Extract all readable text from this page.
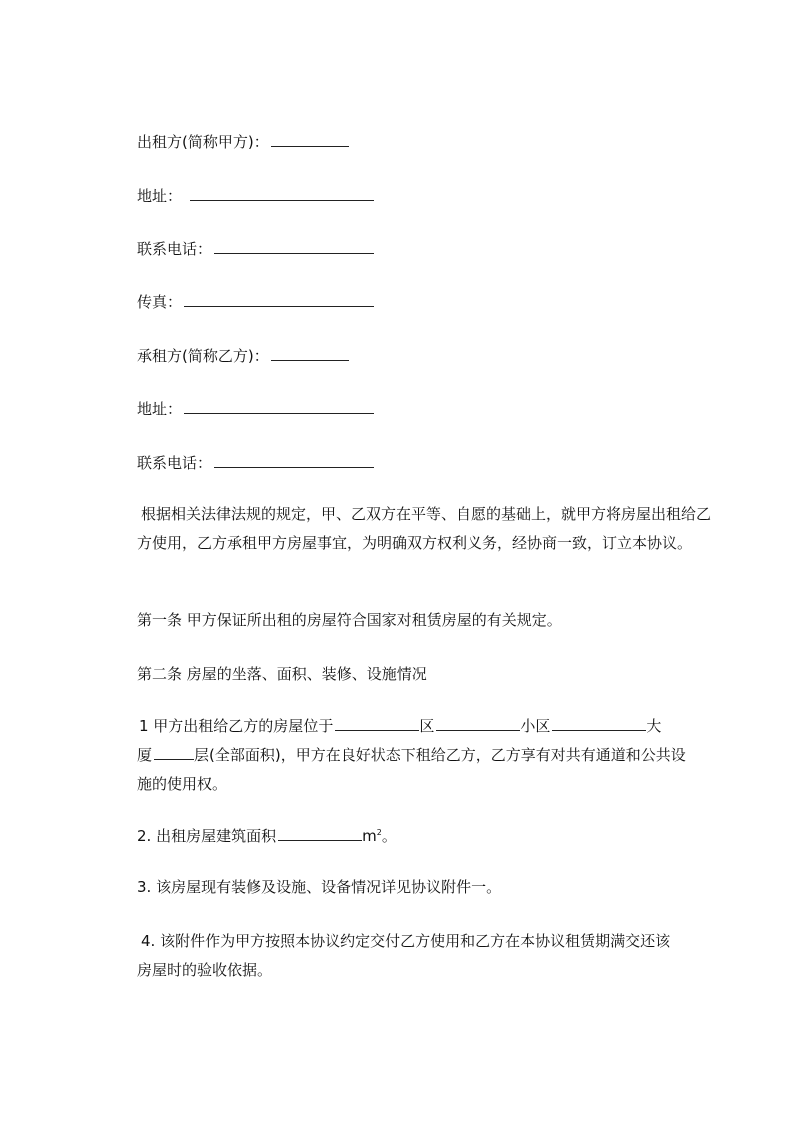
出租方(简称甲方)：
地址：
联系电话：
传真：
承租方(简称乙方)：
地址：
联系电话：
根据相关法律法规的规定，甲、乙双方在平等、自愿的基础上，就甲方将房屋出租给乙方使用，乙方承租甲方房屋事宜，为明确双方权利义务，经协商一致，订立本协议。
第一条 甲方保证所出租的房屋符合国家对租赁房屋的有关规定。
第二条 房屋的坐落、面积、装修、设施情况
1 甲方出租给乙方的房屋位于	区	小区	大
厦	层(全部面积)，甲方在良好状态下租给乙方，乙方享有对共有通道和公共设
施的使用权。
2. 出租房屋建筑面积	$m^2$。
3. 该房屋现有装修及设施、设备情况详见协议附件一。
4. 该附件作为甲方按照本协议约定交付乙方使用和乙方在本协议租赁期满交还该
房屋时的验收依据。
